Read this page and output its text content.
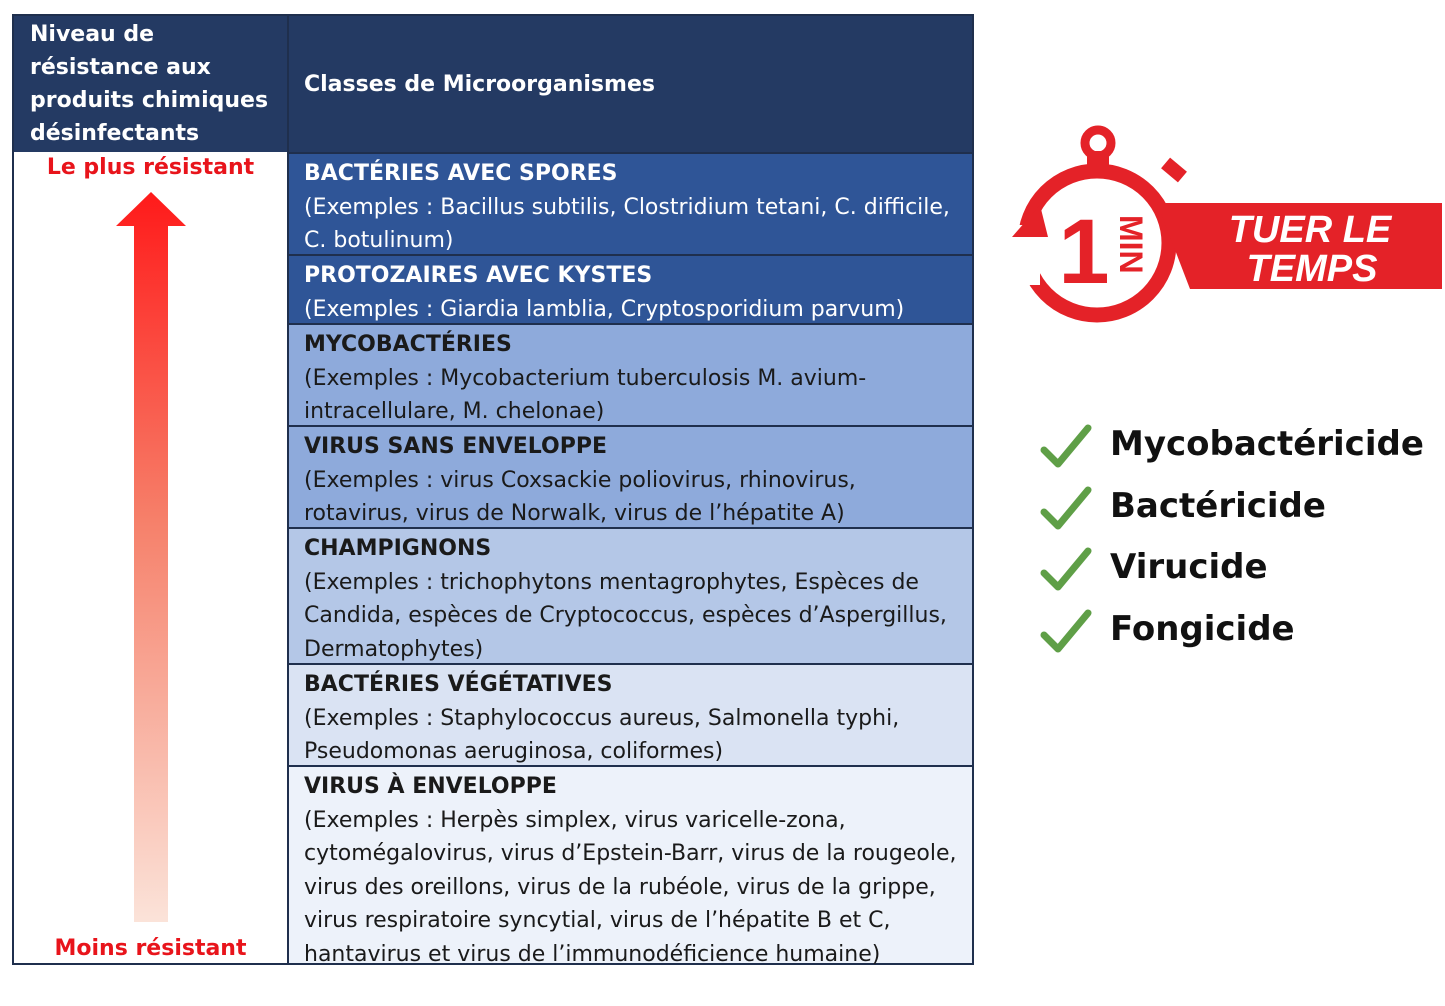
Niveau de résistance aux produits chimiques désinfectants
Le plus résistant
Moins résistant
Classes de Microorganismes
BACTÉRIES AVEC SPORES
(Exemples : Bacillus subtilis, Clostridium tetani, C. difficile, C. botulinum)
PROTOZAIRES AVEC KYSTES
(Exemples : Giardia lamblia, Cryptosporidium parvum)
MYCOBACTÉRIES
(Exemples : Mycobacterium tuberculosis M. avium-intracellulare, M. chelonae)
VIRUS SANS ENVELOPPE
(Exemples : virus Coxsackie poliovirus, rhinovirus, rotavirus, virus de Norwalk, virus de l’hépatite A)
CHAMPIGNONS
(Exemples : trichophytons mentagrophytes, Espèces de Candida, espèces de Cryptococcus, espèces d’Aspergillus, Dermatophytes)
BACTÉRIES VÉGÉTATIVES
(Exemples : Staphylococcus aureus, Salmonella typhi, Pseudomonas aeruginosa, coliformes)
VIRUS À ENVELOPPE
(Exemples : Herpès simplex, virus varicelle-zona, cytomégalovirus, virus d’Epstein-Barr, virus de la rougeole, virus des oreillons, virus de la rubéole, virus de la grippe, virus respiratoire syncytial, virus de l’hépatite B et C, hantavirus et virus de l’immunodéficience humaine)
1 MIN TUER LE
TEMPS
Mycobactéricide
Bactéricide
Virucide
Fongicide
